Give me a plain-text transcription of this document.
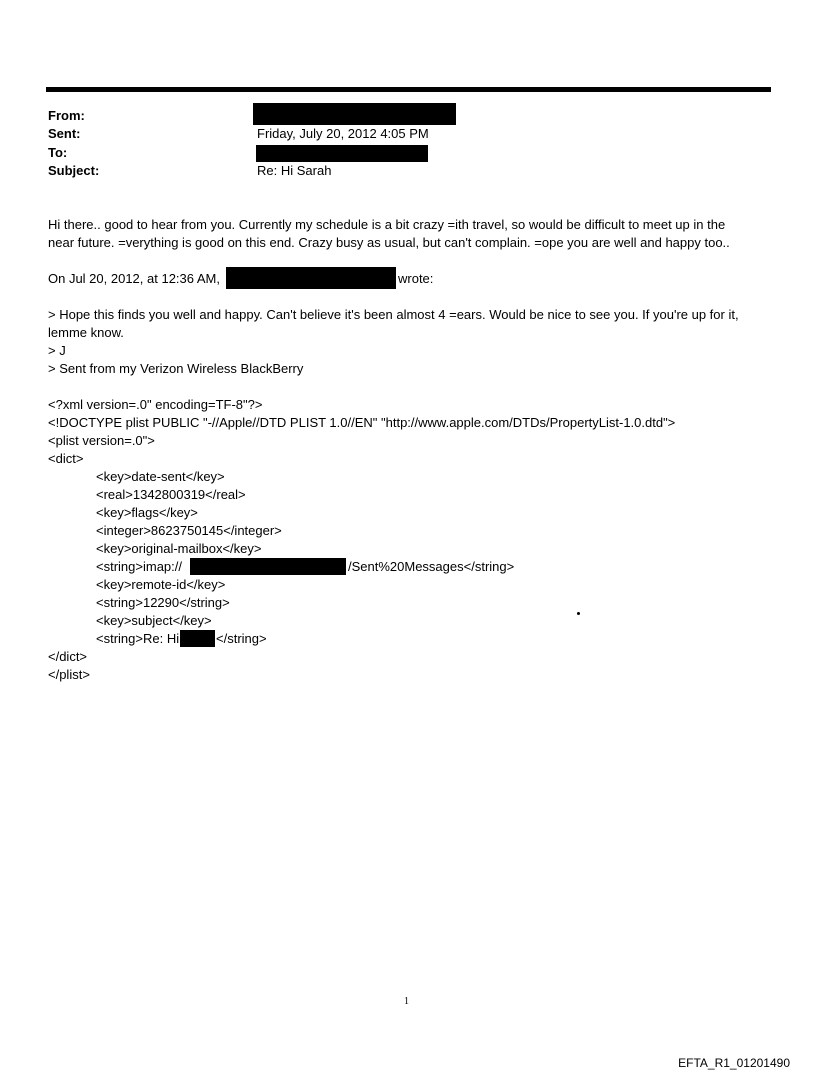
From:
Sent:	Friday, July 20, 2012 4:05 PM
To:
Subject:	Re: Hi Sarah
Hi there.. good to hear from you. Currently my schedule is a bit crazy =ith travel, so would be difficult to meet up in the
near future. =verything is good on this end. Crazy busy as usual, but can't complain. =ope you are well and happy too..
On Jul 20, 2012, at 12:36 AM,	wrote:
> Hope this finds you well and happy. Can't believe it's been almost 4 =ears. Would be nice to see you. If you're up for it,
lemme know.
> J
> Sent from my Verizon Wireless BlackBerry
<?xml version=.0" encoding=TF-8"?>
<!DOCTYPE plist PUBLIC "-//Apple//DTD PLIST 1.0//EN" "http://www.apple.com/DTDs/PropertyList-1.0.dtd">
<plist version=.0">
<dict>
<key>date-sent</key>
<real>1342800319</real>
<key>flags</key>
<integer>8623750145</integer>
<key>original-mailbox</key>
<string>imap://	/Sent%20Messages</string>
<key>remote-id</key>
<string>12290</string>
<key>subject</key>
<string>Re: Hi	</string>
</dict>
</plist>
1
EFTA_R1_01201490
